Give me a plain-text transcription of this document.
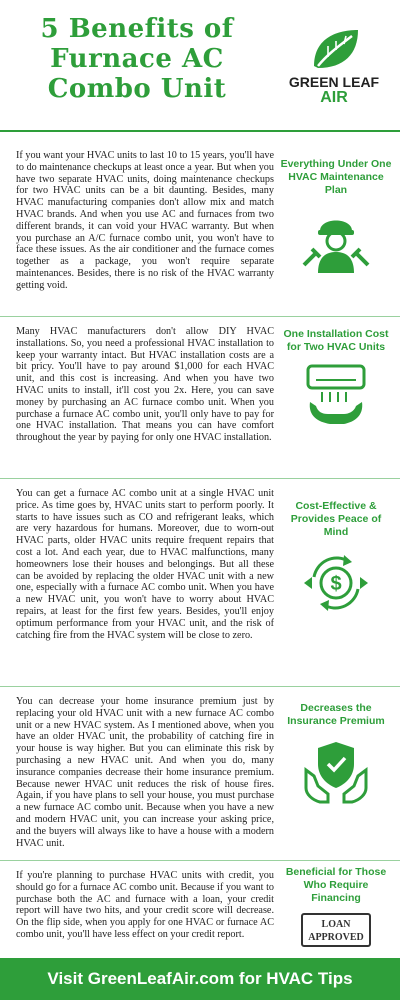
5 Benefits of
Furnace AC
Combo Unit	GREEN LEAF
AIR
If you want your HVAC units to last 10 to 15 years, you'll have to do maintenance checkups at least once a year. But when you have two separate HVAC units, doing maintenance checkups for two HVAC units can be a bit daunting. Besides, many HVAC manufacturing companies don't allow mix and match HVAC brands. And when you use AC and furnaces from two different brands, it can void your HVAC warranty. But when you purchase an A/C furnace combo unit, you won't have to face these issues. As the air conditioner and the furnace comes together as a package, you won't require separate maintenances. Besides, there is no risk of the HVAC warranty getting void.
Everything Under One HVAC Maintenance Plan
Many HVAC manufacturers don't allow DIY HVAC installations. So, you need a professional HVAC installation to keep your warranty intact. But HVAC installation costs are a bit pricy. You'll have to pay around $1,000 for each HVAC unit, and this cost is increasing. And when you have two HVAC units to install, it'll cost you 2x. Here, you can save money by purchasing an AC furnace combo unit. When you purchase a furnace AC combo unit, you'll only have to pay for one HVAC installation. That means you can have comfort throughout the year by paying for only one HVAC installation.
One Installation Cost for Two HVAC Units
You can get a furnace AC combo unit at a single HVAC unit price. As time goes by, HVAC units start to perform poorly. It starts to have issues such as CO and refrigerant leaks, which are very hazardous for humans. Moreover, due to worn-out HVAC parts, older HVAC units require frequent repairs that cost a lot. And each year, due to HVAC malfunctions, many homeowners lose their houses and belongings. But all these can be avoided by replacing the older HVAC unit with a new one, especially with a furnace AC combo unit. When you have a new HVAC unit, you won't have to worry about HVAC repairs, at least for the first few years. Besides, you'll enjoy optimum performance from your HVAC unit, and the risk of catching fire from the HVAC system will be close to zero.
Cost-Effective & Provides Peace of Mind
$
You can decrease your home insurance premium just by replacing your old HVAC unit with a new furnace AC combo unit or a new HVAC system. As I mentioned above, when you have an older HVAC unit, the probability of catching fire in your house is way higher. But you can eliminate this risk by purchasing a new HVAC unit. And when you do, many insurance companies decrease their home insurance premium. Because newer HVAC unit reduces the risk of house fires. Again, if you have plans to sell your house, you must purchase a new furnace AC combo unit. Because when you have a new and modern HVAC unit, you can increase your asking price, and the buyers will always like to have a house with a modern HVAC unit.
Decreases the Insurance Premium
If you're planning to purchase HVAC units with credit, you should go for a furnace AC combo unit. Because if you want to purchase both the AC and furnace with a loan, your credit report will have two hits, and your credit score will decrease. On the flip side, when you apply for one HVAC or furnace AC combo unit, you'll have less effect on your credit report.
Beneficial for Those Who Require Financing
LOAN
APPROVED
Visit GreenLeafAir.com for HVAC Tips
